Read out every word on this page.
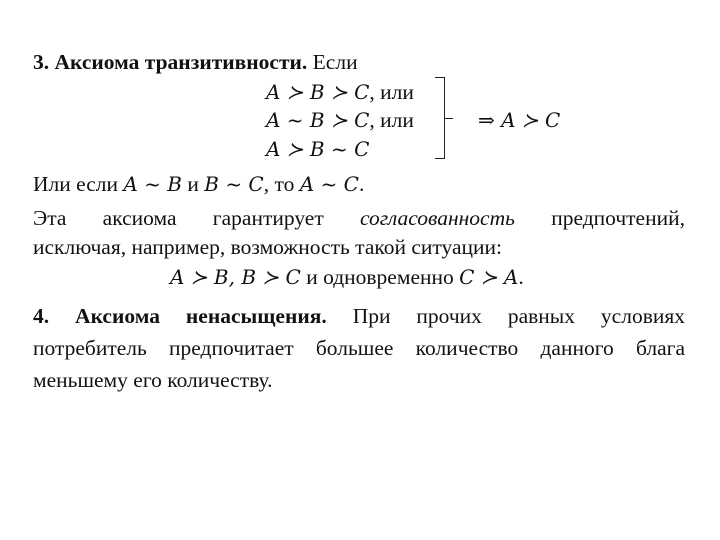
3. Аксиома транзитивности. Если
A ≻ B ≻ C, или
A ~ B ≻ C, или
A ≻ B ~ C
⇒ A ≻ C
Или если A ~ B и B ~ C, то A ~ C.
Эта аксиома гарантирует согласованность предпочтений,
исключая, например, возможность такой ситуации:
A ≻ B, B ≻ C и одновременно C ≻ A.
4. Аксиома ненасыщения. При прочих равных условиях
потребитель предпочитает большее количество данного блага
меньшему его количеству.
